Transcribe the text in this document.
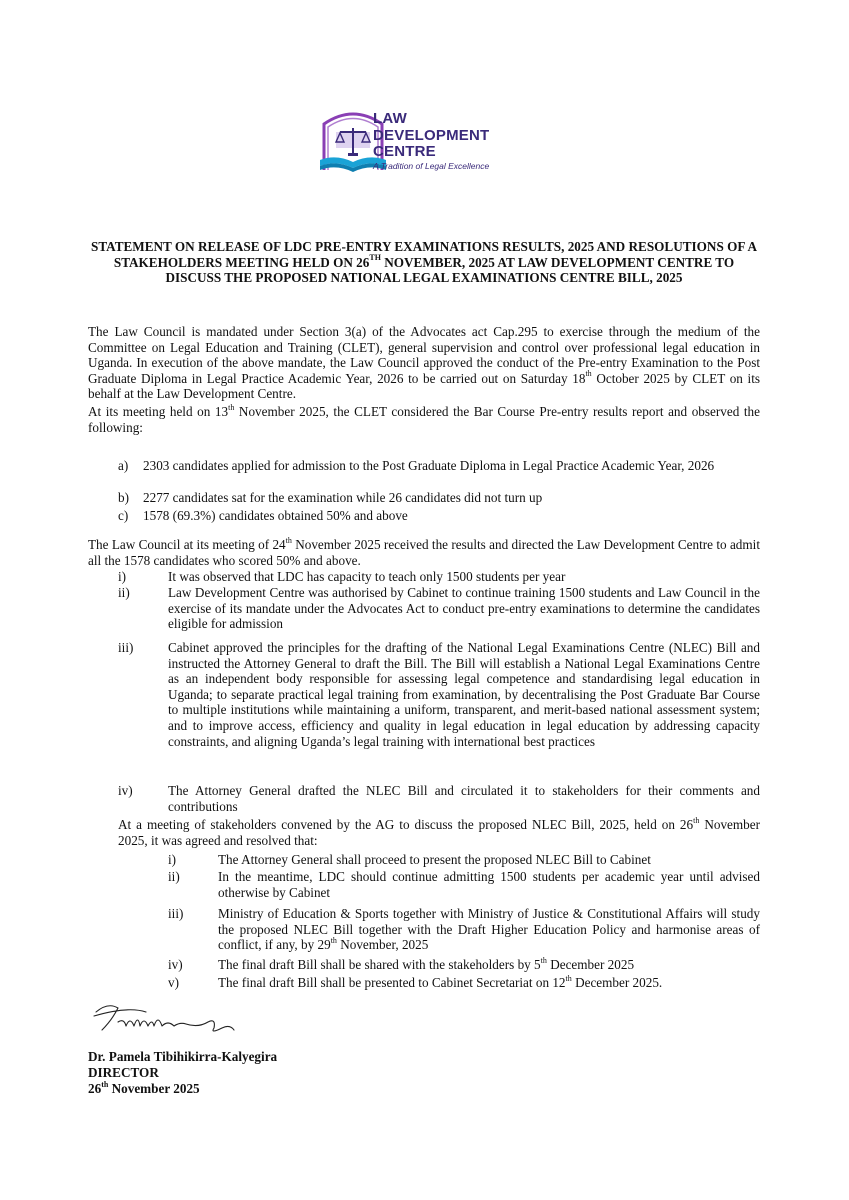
LAW
DEVELOPMENT
CENTRE
A Tradition of Legal Excellence
STATEMENT ON RELEASE OF LDC PRE-ENTRY EXAMINATIONS RESULTS, 2025 AND RESOLUTIONS OF A STAKEHOLDERS MEETING HELD ON 26TH NOVEMBER, 2025 AT LAW DEVELOPMENT CENTRE TO DISCUSS THE PROPOSED NATIONAL LEGAL EXAMINATIONS CENTRE BILL, 2025

The Law Council is mandated under Section 3(a) of the Advocates act Cap.295 to exercise through the medium of the Committee on Legal Education and Training (CLET), general supervision and control over professional legal education in Uganda. In execution of the above mandate, the Law Council approved the conduct of the Pre-entry Examination to the Post Graduate Diploma in Legal Practice Academic Year, 2026 to be carried out on Saturday 18th October 2025 by CLET on its behalf at the Law Development Centre.

At its meeting held on 13th November 2025, the CLET considered the Bar Course Pre-entry results report and observed the following:

a) 2303 candidates applied for admission to the Post Graduate Diploma in Legal Practice Academic Year, 2026
b) 2277 candidates sat for the examination while 26 candidates did not turn up
c) 1578 (69.3%) candidates obtained 50% and above

The Law Council at its meeting of 24th November 2025 received the results and directed the Law Development Centre to admit all the 1578 candidates who scored 50% and above.

i)	It was observed that LDC has capacity to teach only 1500 students per year
ii)	Law Development Centre was authorised by Cabinet to continue training 1500 students and Law Council in the exercise of its mandate under the Advocates Act to conduct pre-entry examinations to determine the candidates eligible for admission
iii)	Cabinet approved the principles for the drafting of the National Legal Examinations Centre (NLEC) Bill and instructed the Attorney General to draft the Bill. The Bill will establish a National Legal Examinations Centre as an independent body responsible for assessing legal competence and standardising legal education in Uganda; to separate practical legal training from examination, by decentralising the Post Graduate Bar Course to multiple institutions while maintaining a uniform, transparent, and merit-based national assessment system; and to improve access, efficiency and quality in legal education in legal education by addressing capacity constraints, and aligning Uganda’s legal training with international best practices
iv)	The Attorney General drafted the NLEC Bill and circulated it to stakeholders for their comments and contributions

At a meeting of stakeholders convened by the AG to discuss the proposed NLEC Bill, 2025, held on 26th November 2025, it was agreed and resolved that:

i)	The Attorney General shall proceed to present the proposed NLEC Bill to Cabinet
ii)	In the meantime, LDC should continue admitting 1500 students per academic year until advised otherwise by Cabinet
iii)	Ministry of Education & Sports together with Ministry of Justice & Constitutional Affairs will study the proposed NLEC Bill together with the Draft Higher Education Policy and harmonise areas of conflict, if any, by 29th November, 2025
iv)	The final draft Bill shall be shared with the stakeholders by 5th December 2025
v)	The final draft Bill shall be presented to Cabinet Secretariat on 12th December 2025.
Dr. Pamela Tibihikirra-Kalyegira
DIRECTOR
26th November 2025
